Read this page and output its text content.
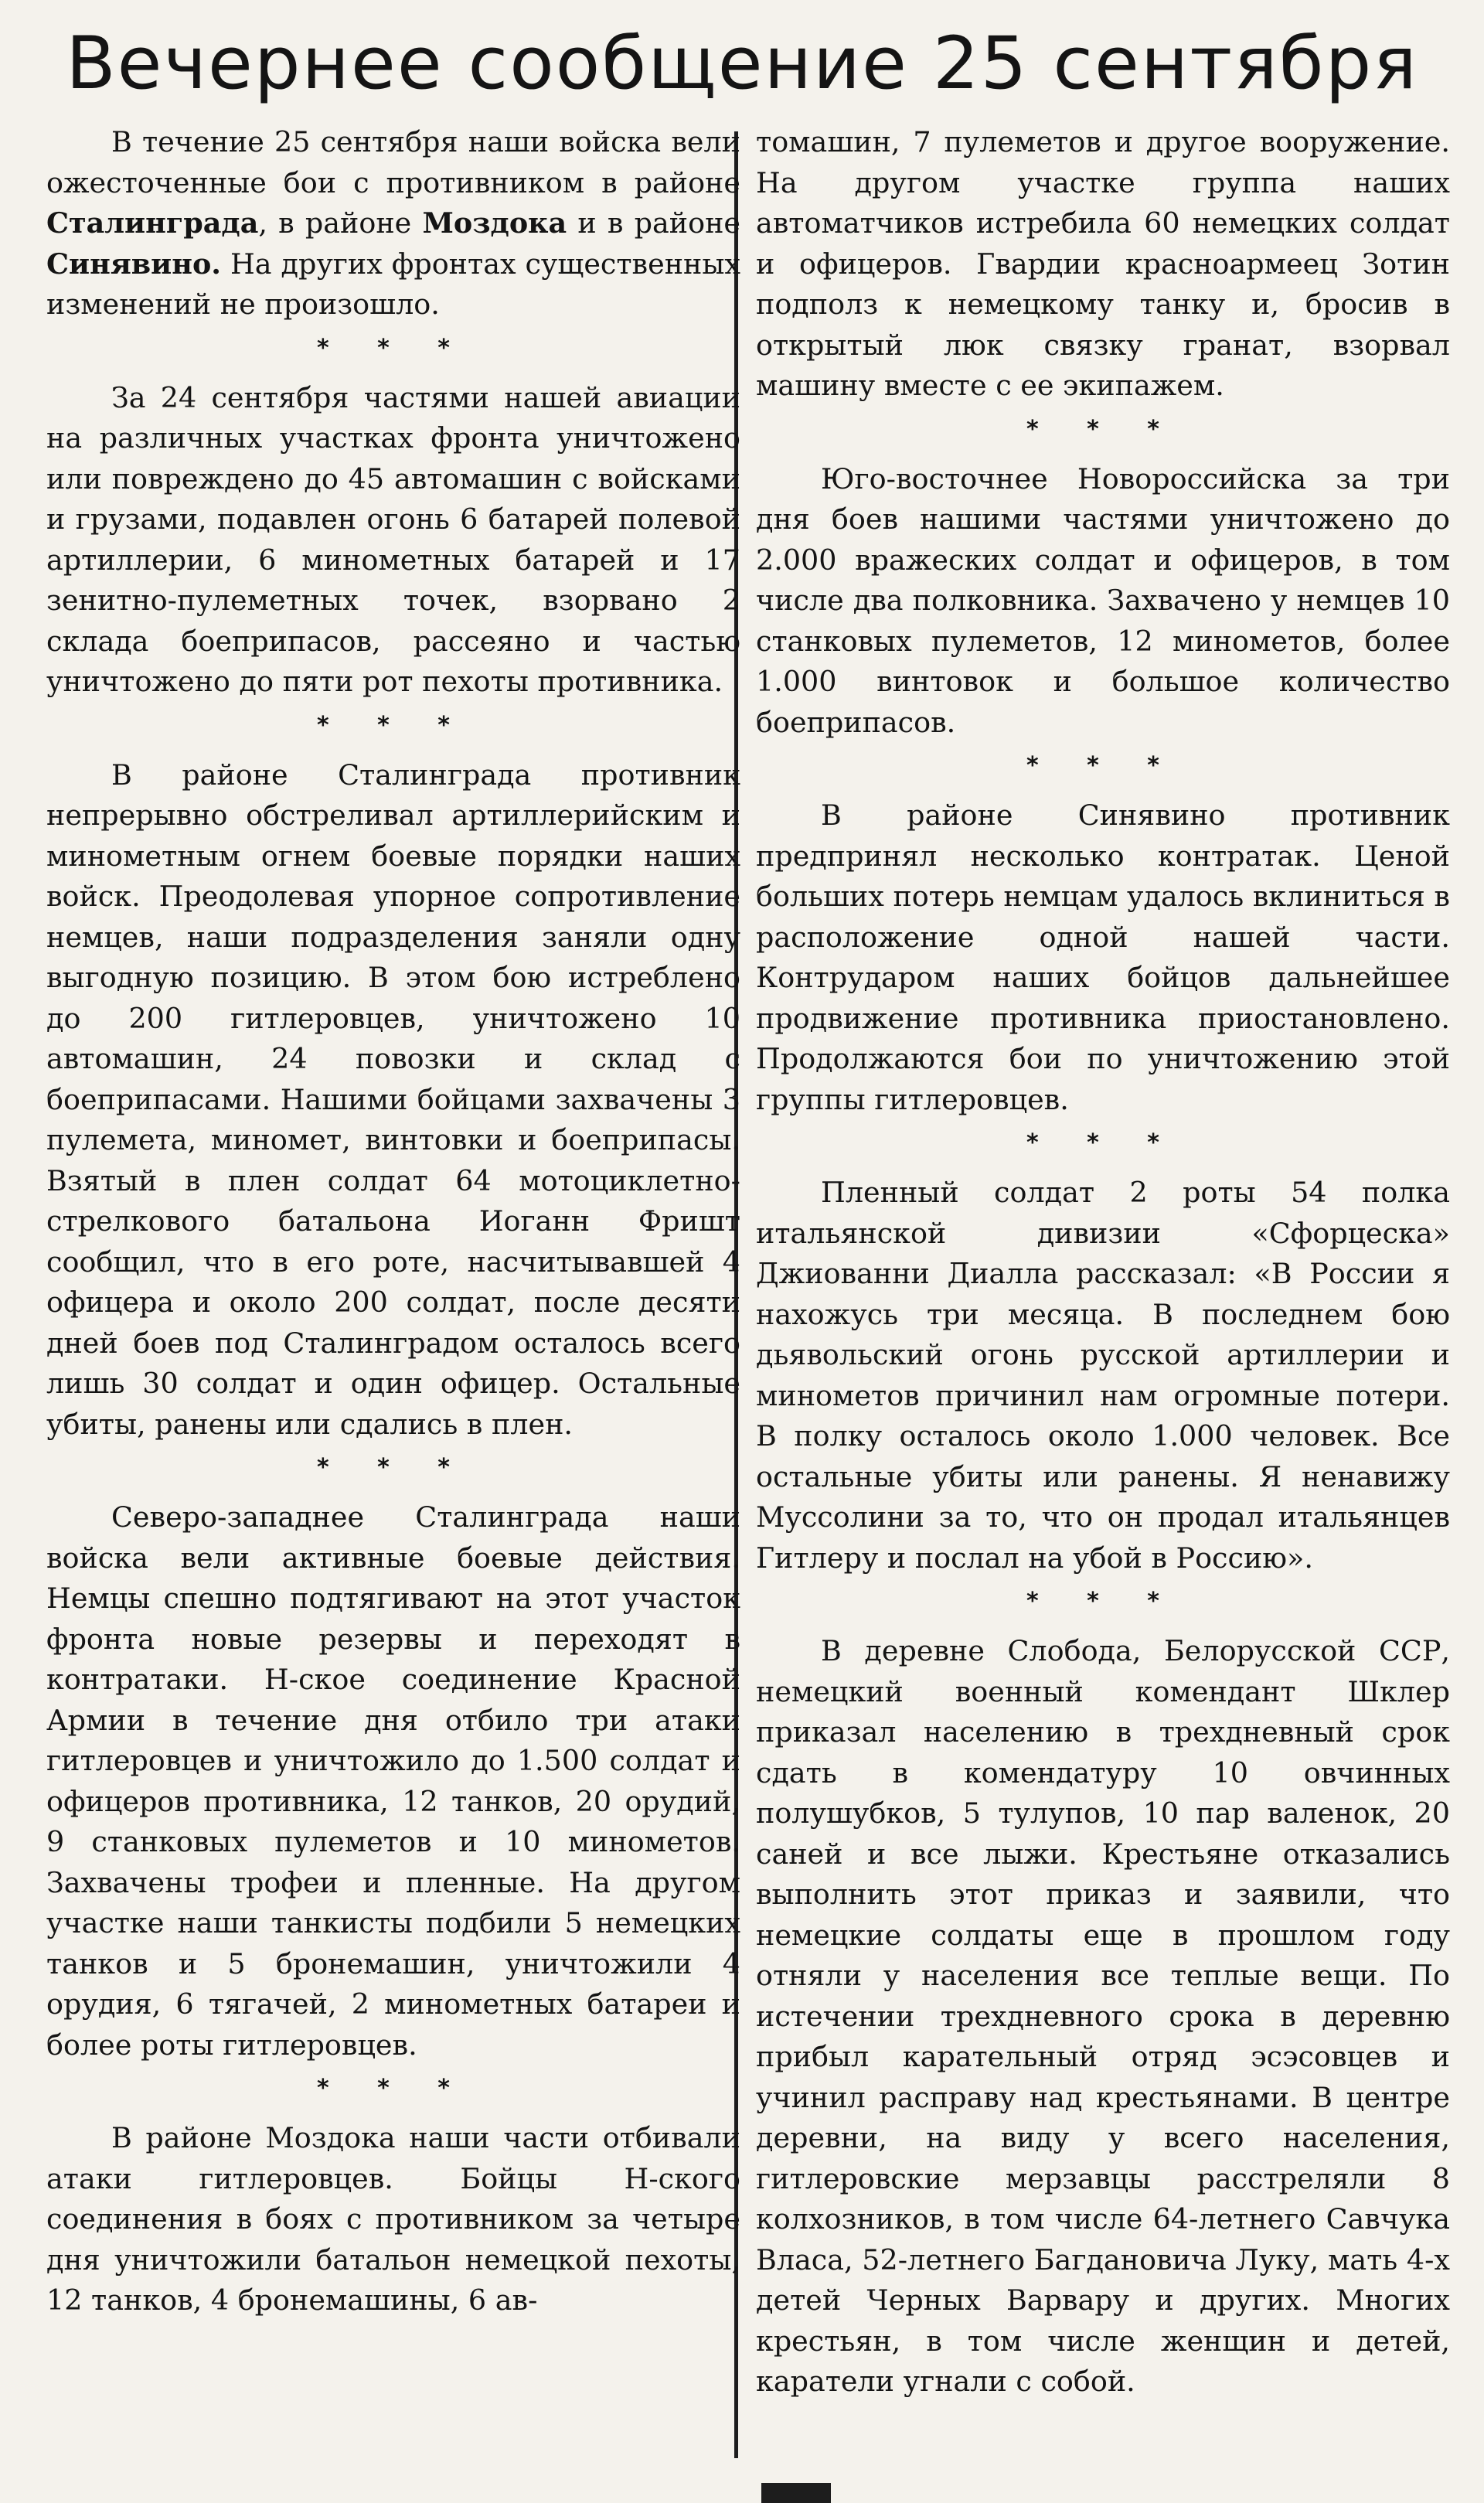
Вечернее сообщение 25 сентября

В течение 25 сентября наши войска вели ожесточенные бои с противником в районе Сталинграда, в районе Моздока и в районе Синявино. На других фронтах существенных изменений не произошло.

* * *

За 24 сентября частями нашей авиации на различных участках фронта уничтожено или повреждено до 45 автомашин с войсками и грузами, подавлен огонь 6 батарей полевой артиллерии, 6 минометных батарей и 17 зенитно-пулеметных точек, взорвано 2 склада боеприпасов, рассеяно и частью уничтожено до пяти рот пехоты противника.

* * *

В районе Сталинграда противник непрерывно обстреливал артиллерийским и минометным огнем боевые порядки наших войск. Преодолевая упорное сопротивление немцев, наши подразделения заняли одну выгодную позицию. В этом бою истреблено до 200 гитлеровцев, уничтожено 10 автомашин, 24 повозки и склад с боеприпасами. Нашими бойцами захвачены 3 пулемета, миномет, винтовки и боеприпасы. Взятый в плен солдат 64 мотоциклетно-стрелкового батальона Иоганн Фришт сообщил, что в его роте, насчитывавшей 4 офицера и около 200 солдат, после десяти дней боев под Сталинградом осталось всего лишь 30 солдат и один офицер. Остальные убиты, ранены или сдались в плен.

* * *

Северо-западнее Сталинграда наши войска вели активные боевые действия. Немцы спешно подтягивают на этот участок фронта новые резервы и переходят в контратаки. Н-ское соединение Красной Армии в течение дня отбило три атаки гитлеровцев и уничтожило до 1.500 солдат и офицеров противника, 12 танков, 20 орудий, 9 станковых пулеметов и 10 минометов. Захвачены трофеи и пленные. На другом участке наши танкисты подбили 5 немецких танков и 5 бронемашин, уничтожили 4 орудия, 6 тягачей, 2 минометных батареи и более роты гитлеровцев.

* * *

В районе Моздока наши части отбивали атаки гитлеровцев. Бойцы Н-ского соединения в боях с противником за четыре дня уничтожили батальон немецкой пехоты, 12 танков, 4 бронемашины, 6 ав-

томашин, 7 пулеметов и другое вооружение. На другом участке группа наших автоматчиков истребила 60 немецких солдат и офицеров. Гвардии красноармеец Зотин подполз к немецкому танку и, бросив в открытый люк связку гранат, взорвал машину вместе с ее экипажем.

* * *

Юго-восточнее Новороссийска за три дня боев нашими частями уничтожено до 2.000 вражеских солдат и офицеров, в том числе два полковника. Захвачено у немцев 10 станковых пулеметов, 12 минометов, более 1.000 винтовок и большое количество боеприпасов.

* * *

В районе Синявино противник предпринял несколько контратак. Ценой больших потерь немцам удалось вклиниться в расположение одной нашей части. Контрударом наших бойцов дальнейшее продвижение противника приостановлено. Продолжаются бои по уничтожению этой группы гитлеровцев.

* * *

Пленный солдат 2 роты 54 полка итальянской дивизии «Сфорцеска» Джиованни Диалла рассказал: «В России я нахожусь три месяца. В последнем бою дьявольский огонь русской артиллерии и минометов причинил нам огромные потери. В полку осталось около 1.000 человек. Все остальные убиты или ранены. Я ненавижу Муссолини за то, что он продал итальянцев Гитлеру и послал на убой в Россию».

* * *

В деревне Слобода, Белорусской ССР, немецкий военный комендант Шклер приказал населению в трехдневный срок сдать в комендатуру 10 овчинных полушубков, 5 тулупов, 10 пар валенок, 20 саней и все лыжи. Крестьяне отказались выполнить этот приказ и заявили, что немецкие солдаты еще в прошлом году отняли у населения все теплые вещи. По истечении трехдневного срока в деревню прибыл карательный отряд эсэсовцев и учинил расправу над крестьянами. В центре деревни, на виду у всего населения, гитлеровские мерзавцы расстреляли 8 колхозников, в том числе 64-летнего Савчука Власа, 52-летнего Багдановича Луку, мать 4-х детей Черных Варвару и других. Многих крестьян, в том числе женщин и детей, каратели угнали с собой.
